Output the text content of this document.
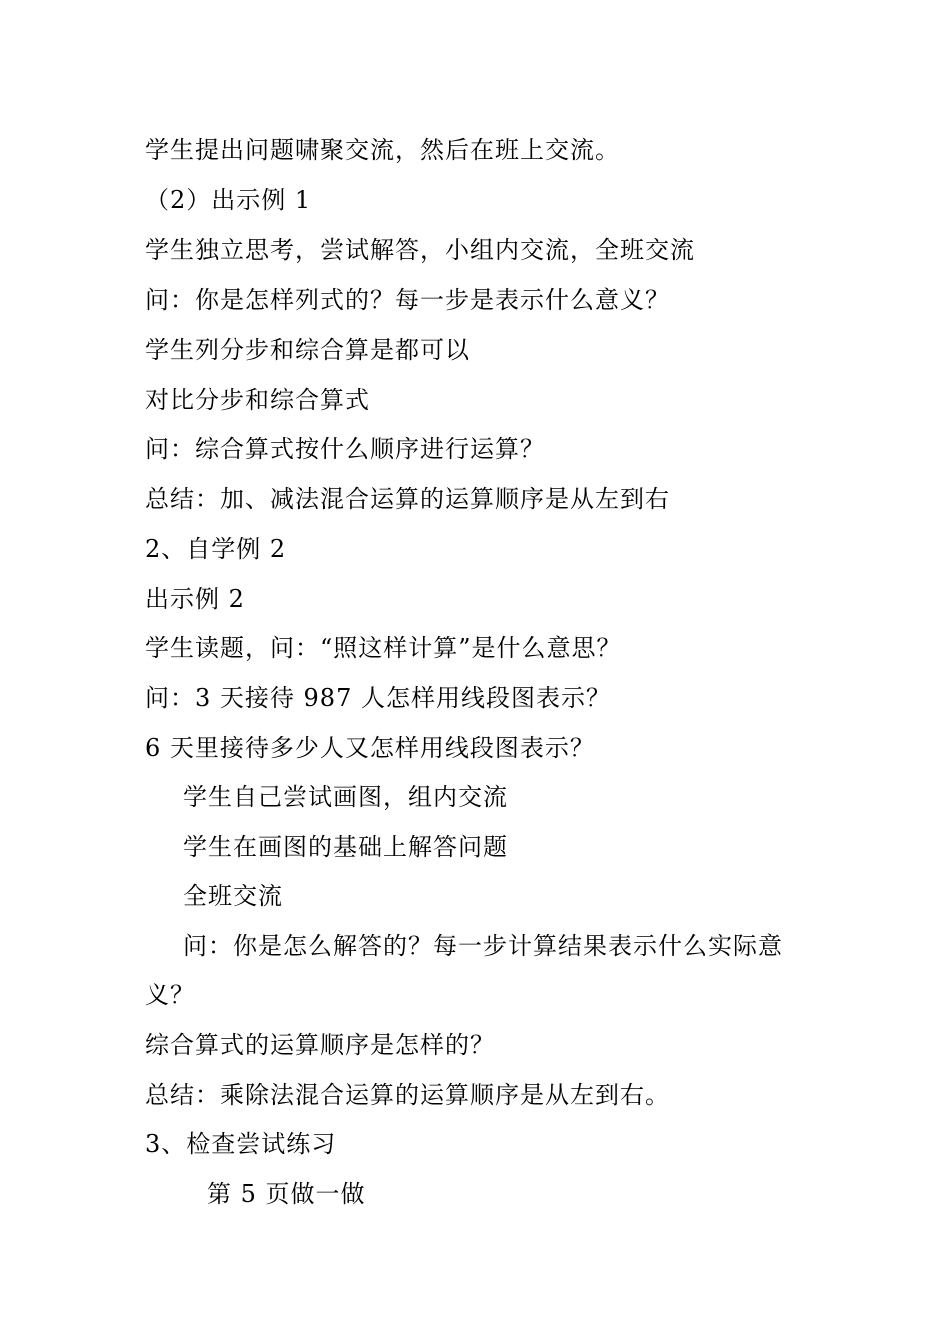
学生提出问题啸聚交流，然后在班上交流。
（2）出示例 1
学生独立思考，尝试解答，小组内交流，全班交流
问：你是怎样列式的？每一步是表示什么意义？
学生列分步和综合算是都可以
对比分步和综合算式
问：综合算式按什么顺序进行运算？
总结：加、减法混合运算的运算顺序是从左到右
2、自学例 2
出示例 2
学生读题，问：“照这样计算”是什么意思？
问：3 天接待 987 人怎样用线段图表示？
6 天里接待多少人又怎样用线段图表示？
学生自己尝试画图，组内交流
学生在画图的基础上解答问题
全班交流
问：你是怎么解答的？每一步计算结果表示什么实际意
义？
综合算式的运算顺序是怎样的？
总结：乘除法混合运算的运算顺序是从左到右。
3、检查尝试练习
第 5 页做一做
